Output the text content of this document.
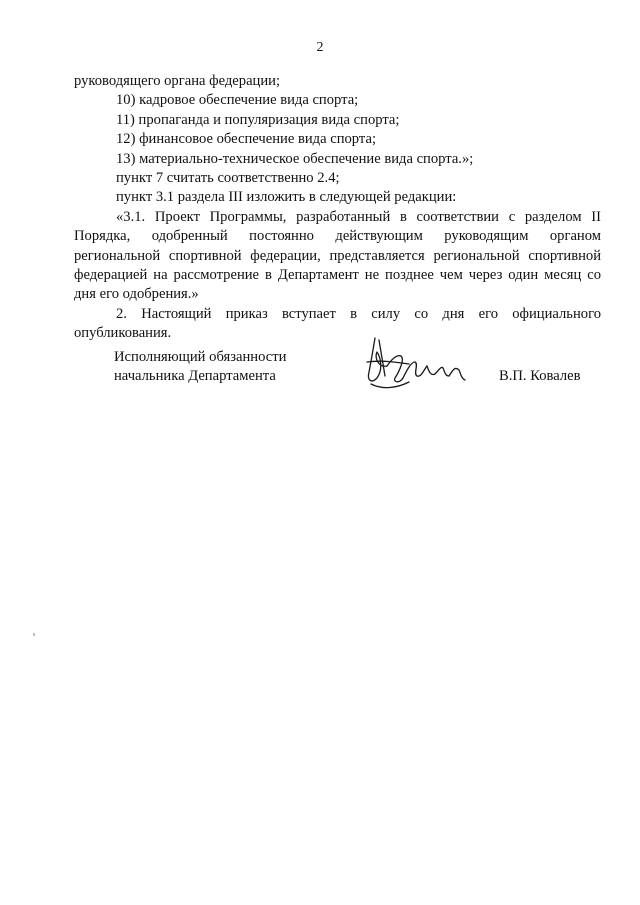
2

руководящего органа федерации;

10) кадровое обеспечение вида спорта;

11) пропаганда и популяризация вида спорта;

12) финансовое обеспечение вида спорта;

13) материально-техническое обеспечение вида спорта.»;

пункт 7 считать соответственно 2.4;

пункт 3.1 раздела III изложить в следующей редакции:

«3.1. Проект Программы, разработанный в соответствии с разделом II Порядка, одобренный постоянно действующим руководящим органом региональной спортивной федерации, представляется региональной спортивной федерацией на рассмотрение в Департамент не позднее чем через один месяц со дня его одобрения.»

2. Настоящий приказ вступает в силу со дня его официального опубликования.

Исполняющий обязанности
начальника Департамента	В.П. Ковалев
